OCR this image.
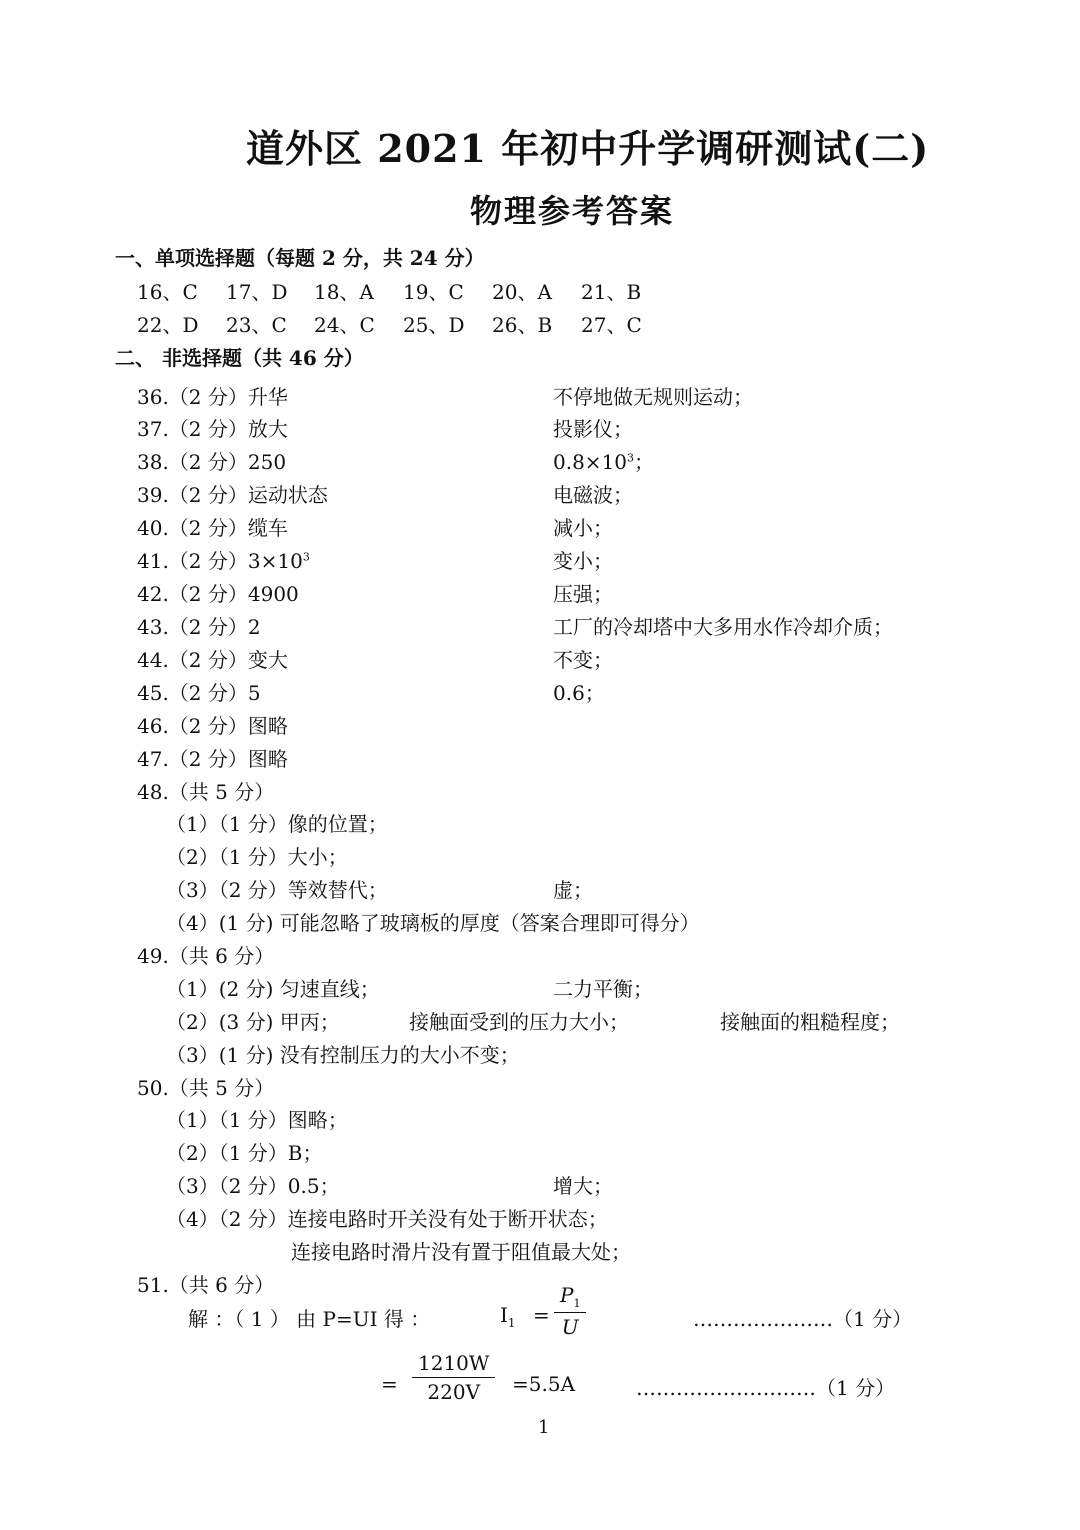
道外区 2021 年初中升学调研测试(二)
物理参考答案
一、单项选择题（每题 2 分，共 24 分）
16、C 17、D 18、A 19、C 20、A 21、B
22、D 23、C 24、C 25、D 26、B 27、C
二、 非选择题（共 46 分）
36.（2 分）升华	不停地做无规则运动；
37.（2 分）放大	投影仪；
38.（2 分）250	$0.8\times 10^3$；
39.（2 分）运动状态	电磁波；
40.（2 分）缆车	减小；
41.（2 分）$3\times 10^3$	变小；
42.（2 分）4900	压强；
43.（2 分）2	工厂的冷却塔中大多用水作冷却介质；
44.（2 分）变大	不变；
45.（2 分）5	0.6；
46.（2 分）图略
47.（2 分）图略
48.（共 5 分）
（1）（1 分）像的位置；
（2）（1 分）大小；
（3）（2 分）等效替代；	虚；
（4）(1 分) 可能忽略了玻璃板的厚度（答案合理即可得分）
49.（共 6 分）
（1）(2 分) 匀速直线；	二力平衡；
（2）(3 分) 甲丙；	接触面受到的压力大小；	接触面的粗糙程度；
（3）(1 分) 没有控制压力的大小不变；
50.（共 5 分）
（1）（1 分）图略；
（2）（1 分）B；
（3）（2 分）0.5；	增大；
（4）（2 分）连接电路时开关没有处于断开状态；
连接电路时滑片没有置于阻值最大处；
51.（共 6 分）
解 ：（ 1 ） 由 P=UI 得 ：	$I_1 = \frac{P_1}{U}$	…………………（1 分）
= $\frac{1210W}{220V} =5.5A$	………………………（1 分）
1
